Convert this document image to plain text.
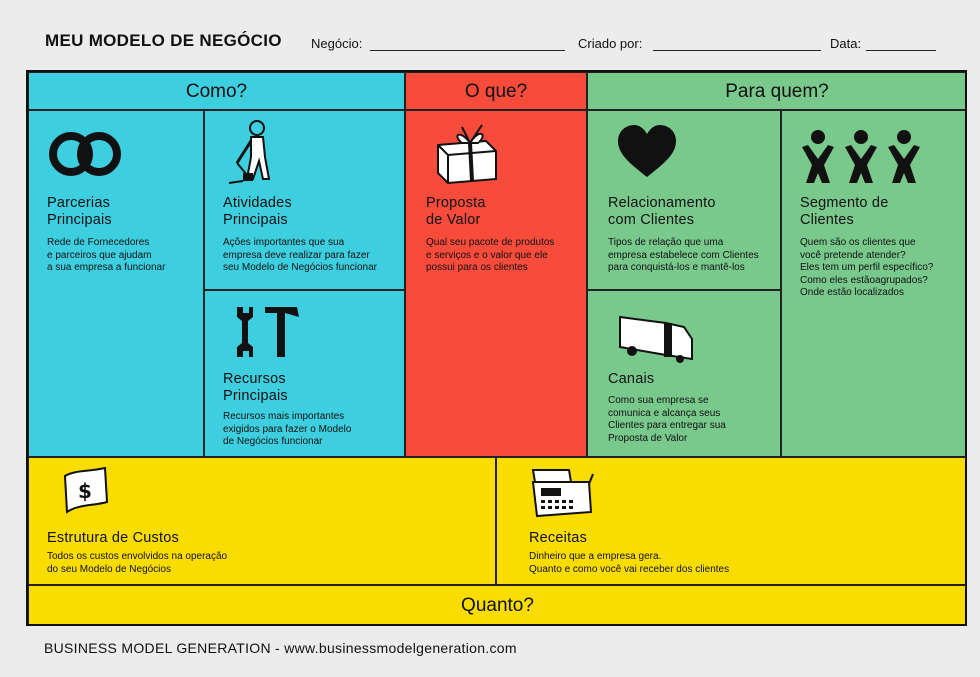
MEU MODELO DE NEGÓCIO Negócio:	Criado por:	Data:
Como?	O que?	Para quem?
Parcerias
Principais
Rede de Fornecedores
e parceiros que ajudam
a sua empresa a funcionar
Atividades
Principais
Ações importantes que sua
empresa deve realizar para fazer
seu Modelo de Negócios funcionar
Recursos
Principais
Recursos mais importantes
exigidos para fazer o Modelo
de Negócios funcionar
Proposta
de Valor
Qual seu pacote de produtos
e serviços e o valor que ele
possui para os clientes
Relacionamento
com Clientes
Tipos de relação que uma
empresa estabelece com Clientes
para conquistá-los e mantê-los
Canais
Como sua empresa se
comunica e alcança seus
Clientes para entregar sua
Proposta de Valor
Segmento de
Clientes
Quem são os clientes que
você pretende atender?
Eles tem um perfil específico?
Como eles estãoagrupados?
Onde estão localizados
$
Estrutura de Custos
Todos os custos envolvidos na operação
do seu Modelo de Negócios
Receitas
Dinheiro que a empresa gera.
Quanto e como você vai receber dos clientes
Quanto?
BUSINESS MODEL GENERATION - www.businessmodelgeneration.com
